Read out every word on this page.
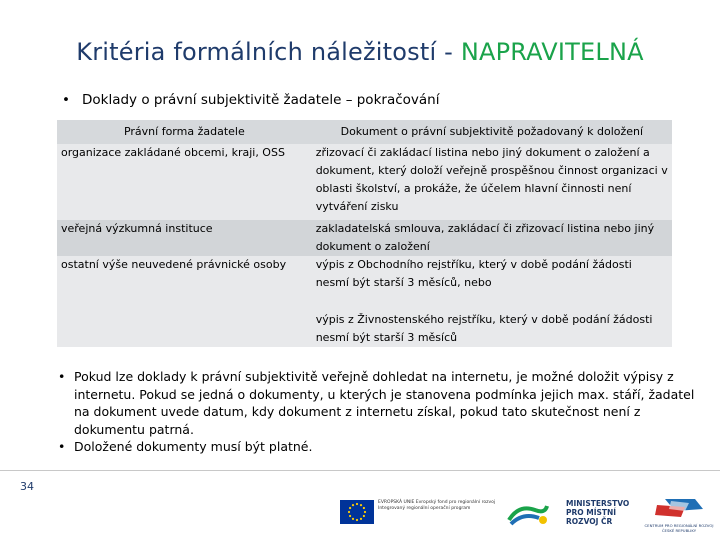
Kritéria formálních náležitostí - NAPRAVITELNÁ
• Doklady o právní subjektivitě žadatele – pokračování
Právní forma žadatele	Dokument o právní subjektivitě požadovaný k doložení
organizace zakládané obcemi, kraji, OSS	zřizovací či zakládací listina nebo jiný dokument o založení a dokument, který doloží veřejně prospěšnou činnost organizaci v oblasti školství, a prokáže, že účelem hlavní činnosti není vytváření zisku
veřejná výzkumná instituce	zakladatelská smlouva, zakládací či zřizovací listina nebo jiný dokument o založení
ostatní výše neuvedené právnické osoby	výpis z Obchodního rejstříku, který v době podání žádosti nesmí být starší 3 měsíců, nebo
výpis z Živnostenského rejstříku, který v době podání žádosti nesmí být starší 3 měsíců
• Pokud lze doklady k právní subjektivitě veřejně dohledat na internetu, je možné doložit výpisy z internetu. Pokud se jedná o dokumenty, u kterých je stanovena podmínka jejich max. stáří, žadatel na dokument uvede datum, kdy dokument z internetu získal, pokud tato skutečnost není z dokumentu patrná.
• Doložené dokumenty musí být platné.
34
EVROPSKÁ UNIE Evropský fond pro regionální rozvoj Integrovaný regionální operační program
MINISTERSTVO
PRO MÍSTNÍ
ROZVOJ ČR	CENTRUM PRO REGIONÁLNÍ ROZVOJ ČESKÉ REPUBLIKY
